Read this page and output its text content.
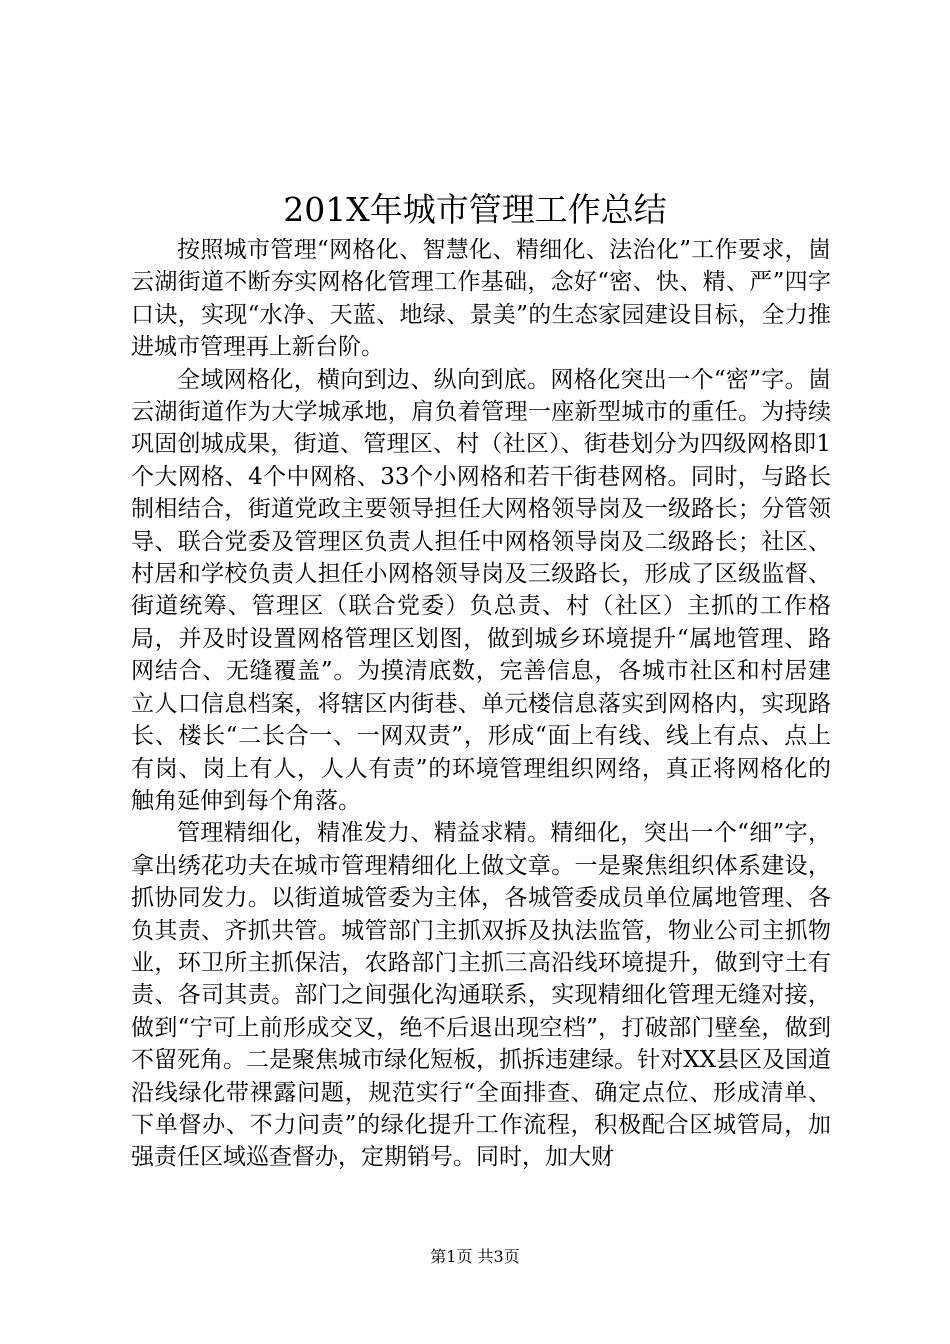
201X年城市管理工作总结

按照城市管理“网格化、智慧化、精细化、法治化”工作要求，崮云湖街道不断夯实网格化管理工作基础，念好“密、快、精、严”四字口诀，实现“水净、天蓝、地绿、景美”的生态家园建设目标，全力推进城市管理再上新台阶。

全域网格化，横向到边、纵向到底。网格化突出一个“密”字。崮云湖街道作为大学城承地，肩负着管理一座新型城市的重任。为持续巩固创城成果，街道、管理区、村（社区）、街巷划分为四级网格即1个大网格、4个中网格、33个小网格和若干街巷网格。同时，与路长制相结合，街道党政主要领导担任大网格领导岗及一级路长；分管领导、联合党委及管理区负责人担任中网格领导岗及二级路长；社区、村居和学校负责人担任小网格领导岗及三级路长，形成了区级监督、街道统筹、管理区（联合党委）负总责、村（社区）主抓的工作格局，并及时设置网格管理区划图，做到城乡环境提升“属地管理、路网结合、无缝覆盖”。为摸清底数，完善信息，各城市社区和村居建立人口信息档案，将辖区内街巷、单元楼信息落实到网格内，实现路长、楼长“二长合一、一网双责”，形成“面上有线、线上有点、点上有岗、岗上有人，人人有责”的环境管理组织网络，真正将网格化的触角延伸到每个角落。

管理精细化，精准发力、精益求精。精细化，突出一个“细”字，拿出绣花功夫在城市管理精细化上做文章。一是聚焦组织体系建设，抓协同发力。以街道城管委为主体，各城管委成员单位属地管理、各负其责、齐抓共管。城管部门主抓双拆及执法监管，物业公司主抓物业，环卫所主抓保洁，农路部门主抓三高沿线环境提升，做到守土有责、各司其责。部门之间强化沟通联系，实现精细化管理无缝对接，做到“宁可上前形成交叉，绝不后退出现空档”，打破部门壁垒，做到不留死角。二是聚焦城市绿化短板，抓拆违建绿。针对XX县区及国道沿线绿化带裸露问题，规范实行“全面排查、确定点位、形成清单、下单督办、不力问责”的绿化提升工作流程，积极配合区城管局，加强责任区域巡查督办，定期销号。同时，加大财

第1页 共3页
